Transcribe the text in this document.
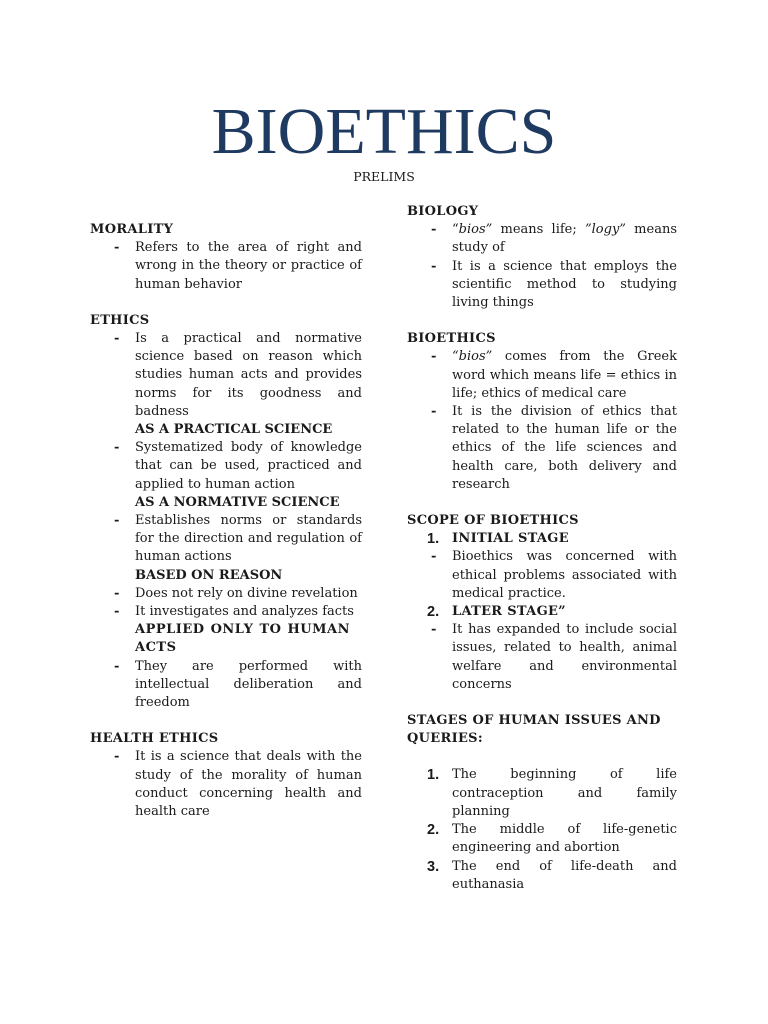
BIOETHICS
PRELIMS
MORALITY
- Refers to the area of right and wrong in the theory or practice of human behavior
ETHICS
- Is a practical and normative science based on reason which studies human acts and provides norms for its goodness and badness
AS A PRACTICAL SCIENCE
- Systematized body of knowledge that can be used, practiced and applied to human action
AS A NORMATIVE SCIENCE
- Establishes norms or standards for the direction and regulation of human actions
BASED ON REASON
- Does not rely on divine revelation
- It investigates and analyzes facts
APPLIED ONLY TO HUMAN ACTS
- They are performed with intellectual deliberation and freedom
HEALTH ETHICS
- It is a science that deals with the study of the morality of human conduct concerning health and health care
BIOLOGY
- “bios” means life; ”logy” means study of
- It is a science that employs the scientific method to studying living things
BIOETHICS
- “bios” comes from the Greek word which means life = ethics in life; ethics of medical care
- It is the division of ethics that related to the human life or the ethics of the life sciences and health care, both delivery and research
SCOPE OF BIOETHICS
1. INITIAL STAGE
- Bioethics was concerned with ethical problems associated with medical practice.
2. LATER STAGE”
- It has expanded to include social issues, related to health, animal welfare and environmental concerns
STAGES OF HUMAN ISSUES AND QUERIES:
1. The beginning of life contraception and family planning
2. The middle of life-genetic engineering and abortion
3. The end of life-death and euthanasia
